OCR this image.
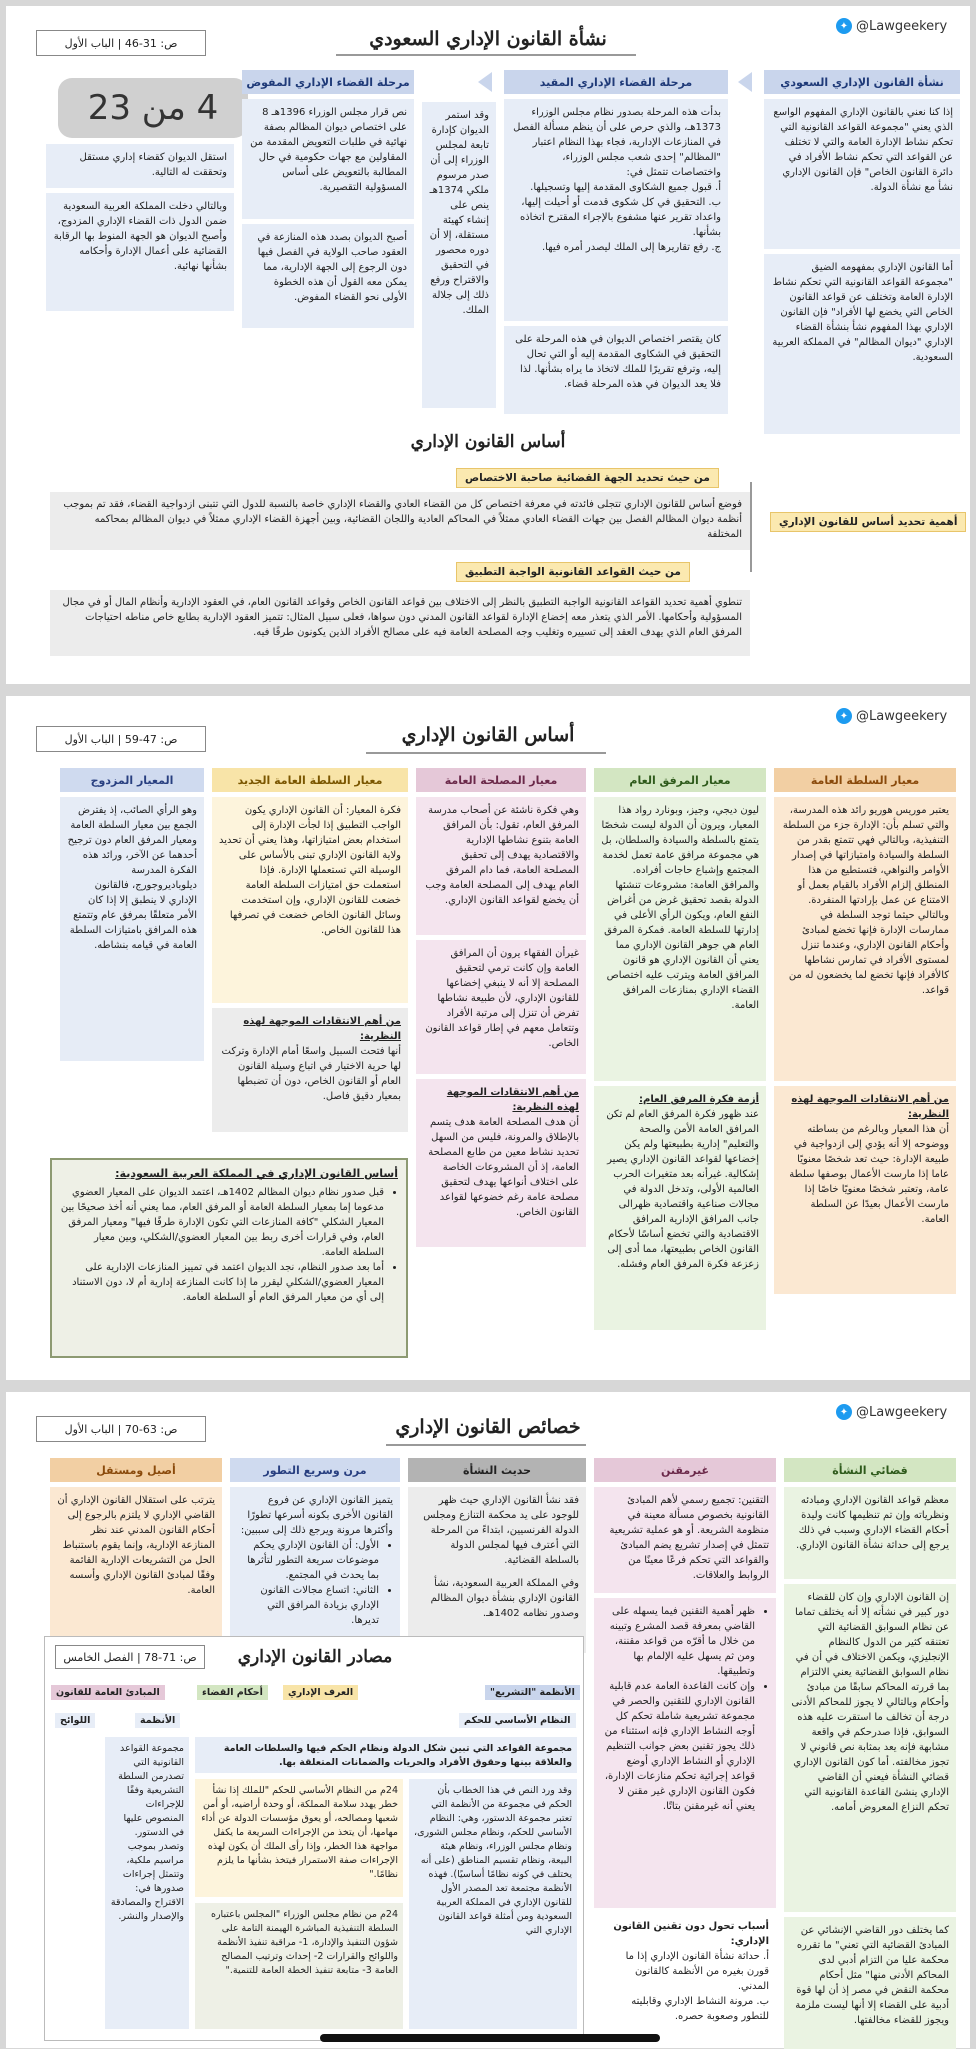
✦ @Lawgeekery
ص: 31-46 | الباب الأول	نشأة القانون الإداري السعودي
4 من 23
نشأة القانون الإداري السعودي
إذا كنا نعني بالقانون الإداري المفهوم الواسع الذي يعني "مجموعة القواعد القانونية التي تحكم نشاط الإدارة العامة والتي لا تختلف عن القواعد التي تحكم نشاط الأفراد في دائرة القانون الخاص" فإن القانون الإداري نشأ مع نشأة الدولة.
أما القانون الإداري بمفهومه الضيق "مجموعة القواعد القانونية التي تحكم نشاط الإدارة العامة وتختلف عن قواعد القانون الخاص التي يخضع لها الأفراد" فإن القانون الإداري بهذا المفهوم نشأ بنشأة القضاء الإداري "ديوان المظالم" في المملكة العربية السعودية.
مرحلة القضاء الإداري المقيد
بدأت هذه المرحلة بصدور نظام مجلس الوزراء 1373هـ، والذي حرص على أن ينظم مسألة الفصل في المنازعات الإدارية، فجاء بهذا النظام اعتبار "المظالم" إحدى شعب مجلس الوزراء، واختصاصات تتمثل في:
أ. قبول جميع الشكاوى المقدمة إليها وتسجيلها.
ب. التحقيق في كل شكوى قدمت أو أحيلت إليها، واعداد تقرير عنها مشفوع بالإجراء المقترح اتخاذه بشأنها.
ج. رفع تقاريرها إلى الملك ليصدر أمره فيها.
كان يقتصر اختصاص الديوان في هذه المرحلة على التحقيق في الشكاوى المقدمة إليه أو التي تحال إليه، وترفع تقريرًا للملك لاتخاذ ما يراه بشأنها. لذا فلا يعد الديوان في هذه المرحلة قضاء.
وقد استمر الديوان كإدارة تابعة لمجلس الوزراء إلى أن صدر مرسوم ملكي 1374هـ ينص على إنشاء كهيئة مستقلة، إلا أن دوره محصور في التحقيق والاقتراح ورفع ذلك إلى جلالة الملك.
مرحلة القضاء الإداري المفوض
نص قرار مجلس الوزراء 1396هـ 8 على اختصاص ديوان المظالم بصفة نهائية في طلبات التعويض المقدمة من المقاولين مع جهات حكومية في حال المطالبة بالتعويض على أساس المسؤولية التقصيرية.
أصبح الديوان بصدد هذه المنازعة في العقود صاحب الولاية في الفصل فيها دون الرجوع إلى الجهة الإدارية، مما يمكن معه القول أن هذه الخطوة الأولى نحو القضاء المفوض.
استقل الديوان كقضاء إداري مستقل وتحققت له التالية.
وبالتالي دخلت المملكة العربية السعودية ضمن الدول ذات القضاء الإداري المزدوج، وأصبح الديوان هو الجهة المنوط بها الرقابة القضائية على أعمال الإدارة وأحكامه بشأنها نهائية.
أساس القانون الإداري
من حيث تحديد الجهة القضائية صاحبة الاختصاص
فوضع أساس للقانون الإداري تتجلى فائدته في معرفة اختصاص كل من القضاء العادي والقضاء الإداري خاصة بالنسبة للدول التي تتبنى ازدواجية القضاء، فقد تم بموجب أنظمة ديوان المظالم الفصل بين جهات القضاء العادي ممثلاً في المحاكم العادية واللجان القضائية، وبين أجهزة القضاء الإداري ممثلاً في ديوان المظالم بمحاكمه المختلفة
أهمية تحديد أساس للقانون الإداري
من حيث القواعد القانونية الواجبة التطبيق
تنطوي أهمية تحديد القواعد القانونية الواجبة التطبيق بالنظر إلى الاختلاف بين قواعد القانون الخاص وقواعد القانون العام، في العقود الإدارية وأنظام المال أو في مجال المسؤولية وأحكامها. الأمر الذي يتعذر معه إخضاع الإدارة لقواعد القانون المدني دون سواها، فعلى سبيل المثال: تتميز العقود الإدارية بطابع خاص مناطه احتياجات المرفق العام الذي يهدف العقد إلى تسييره وتغليب وجه المصلحة العامة فيه على مصالح الأفراد الذين يكونون طرفًا فيه.
✦ @Lawgeekery
ص: 47-59 | الباب الأول	أساس القانون الإداري
معيار السلطة العامة
يعتبر موريس هوريو رائد هذه المدرسة، والتي تسلم بأن: الإدارة جزء من السلطة التنفيذية، وبالتالي فهي تتمتع بقدر من السلطة والسيادة وامتيازاتها في إصدار الأوامر والنواهي، فتستطيع من هذا المنطلق إلزام الأفراد بالقيام بعمل أو الامتناع عن عمل بإرادتها المنفردة. وبالتالي حيثما توجد السلطة في ممارسات الإدارة فإنها تخضع لمبادئ وأحكام القانون الإداري، وعندما تنزل لمستوى الأفراد في تمارس نشاطها كالأفراد فإنها تخضع لما يخضعون له من قواعد.
من أهم الانتقادات الموجهة لهذه النظرية:
أن هذا المعيار وبالرغم من بساطته ووضوحه إلا أنه يؤدي إلى ازدواجية في طبيعة الإدارة: حيث تعد شخصًا معنويًا عاما إذا مارست الأعمال بوصفها سلطة عامة، وتعتبر شخصًا معنويًا خاصًا إذا مارست الأعمال بعيدًا عن السلطة العامة.
معيار المرفق العام
ليون ديجي، وجيز، وبونارد رواد هذا المعيار، ويرون أن الدولة ليست شخصًا يتمتع بالسلطة والسيادة والسلطان، بل هي مجموعة مرافق عامة تعمل لخدمة المجتمع وإشباع حاجات أفراده. والمرافق العامة: مشروعات تنشئها الدولة بقصد تحقيق غرض من أغراض النفع العام، ويكون الرأي الأعلى في إدارتها للسلطة العامة. فمكرة المرفق العام هي جوهر القانون الإداري مما يعني أن القانون الإداري هو قانون المرافق العامة ويترتب عليه اختصاص القضاء الإداري بمنازعات المرافق العامة.
أزمة فكرة المرفق العام:
عند ظهور فكرة المرفق العام لم تكن المرافق العامة الأمن والصحة والتعليم" إدارية بطبيعتها ولم يكن إخضاعها لقواعد القانون الإداري يصير إشكالية. غيرأنه بعد متغيرات الحرب العالمية الأولى، وتدخل الدولة في مجالات صناعية واقتصادية ظهرالى جانب المرافق الإدارية المرافق الاقتصادية والتي تخضع أساسًا لأحكام القانون الخاص بطبيعتها، مما أدى إلى زعزعة فكرة المرفق العام وفشله.
معيار المصلحة العامة
وهي فكرة ناشئة عن أصحاب مدرسة المرفق العام، تقول: بأن المرافق العامة بتنوع نشاطها الإدارية والاقتصادية يهدف إلى تحقيق المصلحة العامة، فما دام المرفق العام يهدف إلى المصلحة العامة وجب أن يخضع لقواعد القانون الإداري.
غيرأن الفقهاء يرون أن المرافق العامة وإن كانت ترمي لتحقيق المصلحة إلا أنه لا ينبغي إخضاعها للقانون الإداري، لأن طبيعة نشاطها تفرض أن تنزل إلى مرتبة الأفراد وتتعامل معهم في إطار قواعد القانون الخاص.
من أهم الانتقادات الموجهة لهذه النظرية:
أن هدف المصلحة العامة هدف يتسم بالإطلاق والمرونة، فليس من السهل تحديد نشاط معين من طابع المصلحة العامة، إذ أن المشروعات الخاصة على اختلاف أنواعها يهدف لتحقيق مصلحة عامة رغم خضوعها لقواعد القانون الخاص.
معيار السلطة العامة الجديد
فكرة المعيار: أن القانون الإداري يكون الواجب التطبيق إذا لجأت الإدارة إلى استخدام بعض امتيازاتها، وهذا يعني أن تحديد ولاية القانون الإداري تبنى بالأساس على الوسيلة التي تستعملها الإدارة. فإذا استعملت حق امتيازات السلطة العامة خضعت للقانون الإداري، وإن استخدمت وسائل القانون الخاص خضعت في تصرفها هذا للقانون الخاص.
من أهم الانتقادات الموجهة لهذه النظرية:
أنها فتحت السبيل واسعًا أمام الإدارة وتركت لها حرية الاختيار في اتباع وسيلة القانون العام أو القانون الخاص، دون أن تضبطها بمعيار دقيق فاصل.
المعيار المزدوج
وهو الرأي الصائب، إذ يفترض الجمع بين معيار السلطة العامة ومعيار المرفق العام دون ترجيح أحدهما عن الآخر، ورائد هذه الفكرة المدرسة ديلوباديروجورج، فالقانون الإداري لا ينطبق إلا إذا كان الأمر متعلقًا بمرفق عام وتتمتع هذه المرافق بامتيازات السلطة العامة في قيامه بنشاطه.
أساس القانون الإداري في المملكة العربية السعودية:
• قبل صدور نظام ديوان المظالم 1402هـ، اعتمد الديوان على المعيار العضوي مدعوما إما بمعيار السلطة العامة أو المرفق العام، مما يعني أنه أخذ صحيحًا بين المعيار الشكلي "كافة المنازعات التي تكون الإدارة طرفًا فيها" ومعيار المرفق العام، وفي قرارات أخرى ربط بين المعيار العضوي/الشكلي، وبين معيار السلطة العامة.
• أما بعد صدور النظام، نجد الديوان اعتمد في تمييز المنازعات الإدارية على المعيار العضوي/الشكلي ليقرر ما إذا كانت المنازعة إدارية أم لا، دون الاستناد إلى أي من معيار المرفق العام أو السلطة العامة.
✦ @Lawgeekery
ص: 63-70 | الباب الأول	خصائص القانون الإداري
قضائي النشأة
معظم قواعد القانون الإداري ومبادئه ونظرياته وإن تم تنظيمها كانت وليدة أحكام القضاء الإداري وسبب في ذلك يرجع إلى حداثة نشأة القانون الإداري.
إن القانون الإداري وإن كان للقضاء دور كبير في نشأته إلا أنه يختلف تماما عن نظام السوابق القضائية التي تعتنقه كثير من الدول كالنظام الإنجليزي، ويكمن الاختلاف في أن في نظام السوابق القضائية يعني الالتزام بما قررته المحاكم سابقًا من مبادئ وأحكام وبالتالي لا يجوز للمحاكم الأدنى درجة أن تخالف ما استقرت عليه هذه السوابق، فإذا صدرحكم في واقعة مشابهة فإنه يعد بمثابة نص قانوني لا تجوز مخالفته. أما كون القانون الإداري قضائي النشأة فيعني أن القاضي الإداري ينشئ القاعدة القانونية التي تحكم النزاع المعروض أمامه.
كما يختلف دور القاضي الإنشائي عن المبادئ القضائية التي تعني" ما تقرره محكمة عليا من التزام أدبي لدى المحاكم الأدنى منها" مثل أحكام محكمة النقض في مصر إذ أن لها قوة أدبية على القضاء إلا أنها ليست ملزمة ويجوز للقضاء مخالفتها.
غيرمقنن
التقنين: تجميع رسمي لأهم المبادئ القانونية بخصوص مسألة معينة في منظومة الشريعة. أو هو عملية تشريعية تتمثل في إصدار تشريع يضم المبادئ والقواعد التي تحكم فرعًا معينًا من الروابط والعلاقات.
• ظهر أهمية التقنين فيما يسهله على القاضي بمعرفة قصد المشرع وتبينه من خلال ما أقرّه من قواعد مقننة، ومن ثم يسهل عليه الإلمام بها وتطبيقها.
• وإن كانت القاعدة العامة عدم قابلية القانون الإداري للتقنين والحصر في مجموعة تشريعية شاملة تحكم كل أوجه النشاط الإداري فإنه استثناء من ذلك يجوز تقنين بعض جوانب التنظيم الإداري أو النشاط الإداري أوضع قواعد إجرائية تحكم منازعات الإدارة، فكون القانون الإداري غير مقنن لا يعني أنه غيرمقنن بتاتًا.
أسباب تحول دون تقنين القانون الإداري:
أ. حداثة نشأة القانون الإداري إذا ما قورن بغيره من الأنظمة كالقانون المدني.
ب. مرونة النشاط الإداري وقابليته للتطور وصعوبة حصره.
حديث النشأة
فقد نشأ القانون الإداري حيث ظهر للوجود على يد محكمة التنازع ومجلس الدولة الفرنسيين، ابتداءً من المرحلة التي أعترف فيها لمجلس الدولة بالسلطة القضائية.
وفي المملكة العربية السعودية، نشأ القانون الإداري بنشأة ديوان المظالم وصدور نظامه 1402هـ.
مرن وسريع التطور
يتميز القانون الإداري عن فروع القانون الأخرى بكونه أسرعها تطورًا وأكثرها مرونة ويرجع ذلك إلى سببين:
• الأول: أن القانون الإداري يحكم موضوعات سريعة التطور لتأثرها بما يحدث في المجتمع.
• الثاني: اتساع مجالات القانون الإداري بزيادة المرافق التي تديرها.
أصيل ومستقل
يترتب على استقلال القانون الإداري أن القاضي الإداري لا يلتزم بالرجوع إلى أحكام القانون المدني عند نظر المنازعة الإدارية، وإنما يقوم باستنباط الحل من التشريعات الإدارية القائمة وفقًا لمبادئ القانون الإداري وأسسه العامة.
ص: 71-78 | الفصل الخامس	مصادر القانون الإداري
الأنظمة "التشريع"
العرف الإداري
أحكام القضاء
المبادئ العامة للقانون
النظام الأساسي للحكم
الأنظمة
اللوائح
مجموعة القواعد التي تبين شكل الدولة ونظام الحكم فيها والسلطات العامة والعلاقة بينها وحقوق الأفراد والحريات والضمانات المتعلقة بها.
وقد ورد النص في هذا الخطاب بأن الحكم في مجموعة من الأنظمة التي تعتبر مجموعة الدستور، وهي: النظام الأساسي للحكم، ونظام مجلس الشورى، ونظام مجلس الوزراء، ونظام هيئة البيعة، ونظام تقسيم المناطق (على أنه يختلف في كونه نظامًا أساسيًا). فهذه الأنظمة مجتمعة تعد المصدر الأول للقانون الإداري في المملكة العربية السعودية ومن أمثلة قواعد القانون الإداري التي
24م من النظام الأساسي للحكم "للملك إذا نشأ خطر يهدد سلامة المملكة، أو وحدة أراضيه، أو أمن شعبها ومصالحه، أو يعوق مؤسسات الدولة عن أداء مهامها، أن يتخذ من الإجراءات السريعة ما يكفل مواجهة هذا الخطر، وإذا رأى الملك أن يكون لهذه الإجراءات صفة الاستمرار فيتخذ بشأنها ما يلزم نظامًا."
24م من نظام مجلس الوزراء "المجلس باعتباره السلطة التنفيذية المباشرة الهيمنة التامة على شؤون التنفيذ والإدارة، 1- مراقبة تنفيذ الأنظمة واللوائح والقرارات 2- إحداث وترتيب المصالح العامة 3- متابعة تنفيذ الخطة العامة للتنمية."
مجموعة القواعد القانونية التي تصدرمن السلطة التشريعية وفقًا للإجراءات المنصوص عليها في الدستور. وتصدر بموجب مراسيم ملكية، وتتمثل إجراءات صدورها في: الاقتراح والمصادقة والإصدار والنشر.
